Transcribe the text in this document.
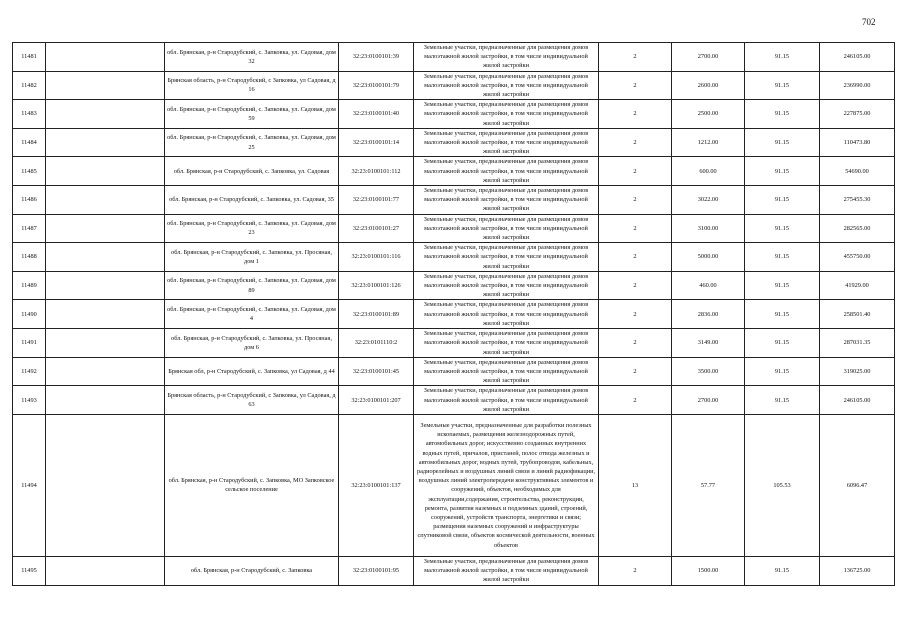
702
11481		обл. Брянская, р-н Стародубский, с. Запковка, ул. Садовая, дом 32	32:23:0100101:39	Земельные участки, предназначенные для размещения домов малоэтажной жилой застройки, в том числе индивидуальной жилой застройки	2	2700.00	91.15	246105.00
11482		Брянская область, р-н Стародубский, с Запковка, ул Садовая, д 16	32:23:0100101:79	Земельные участки, предназначенные для размещения домов малоэтажной жилой застройки, в том числе индивидуальной жилой застройки	2	2600.00	91.15	236990.00
11483		обл. Брянская, р-н Стародубский, с. Запковка, ул. Садовая, дом 59	32:23:0100101:40	Земельные участки, предназначенные для размещения домов малоэтажной жилой застройки, в том числе индивидуальной жилой застройки	2	2500.00	91.15	227875.00
11484		обл. Брянская, р-н Стародубский, с. Запковка, ул. Садовая, дом 25	32:23:0100101:14	Земельные участки, предназначенные для размещения домов малоэтажной жилой застройки, в том числе индивидуальной жилой застройки	2	1212.00	91.15	110473.80
11485		обл. Брянская, р-н Стародубский, с. Запковка, ул. Садовая	32:23:0100101:112	Земельные участки, предназначенные для размещения домов малоэтажной жилой застройки, в том числе индивидуальной жилой застройки	2	600.00	91.15	54690.00
11486		обл. Брянская, р-н Стародубский, с. Запковка, ул. Садовая, 35	32:23:0100101:77	Земельные участки, предназначенные для размещения домов малоэтажной жилой застройки, в том числе индивидуальной жилой застройки	2	3022.00	91.15	275455.30
11487		обл. Брянская, р-н Стародубский, с. Запковка, ул. Садовая, дом 23	32:23:0100101:27	Земельные участки, предназначенные для размещения домов малоэтажной жилой застройки, в том числе индивидуальной жилой застройки	2	3100.00	91.15	282565.00
11488		обл. Брянская, р-н Стародубский, с. Запковка, ул. Просяная, дом 1	32:23:0100101:116	Земельные участки, предназначенные для размещения домов малоэтажной жилой застройки, в том числе индивидуальной жилой застройки	2	5000.00	91.15	455750.00
11489		обл. Брянская, р-н Стародубский, с. Запковка, ул. Садовая, дом 89	32:23:0100101:126	Земельные участки, предназначенные для размещения домов малоэтажной жилой застройки, в том числе индивидуальной жилой застройки	2	460.00	91.15	41929.00
11490		обл. Брянская, р-н Стародубский, с. Запковка, ул. Садовая, дом 4	32:23:0100101:89	Земельные участки, предназначенные для размещения домов малоэтажной жилой застройки, в том числе индивидуальной жилой застройки	2	2836.00	91.15	258501.40
11491		обл. Брянская, р-н Стародубский, с. Запковка, ул. Просяная, дом 6	32:23:0101110:2	Земельные участки, предназначенные для размещения домов малоэтажной жилой застройки, в том числе индивидуальной жилой застройки	2	3149.00	91.15	287031.35
11492		Брянская обл, р-н Стародубский, с. Запковка, ул Садовая, д 44	32:23:0100101:45	Земельные участки, предназначенные для размещения домов малоэтажной жилой застройки, в том числе индивидуальной жилой застройки	2	3500.00	91.15	319025.00
11493		Брянская область, р-н Стародубский, с Запковка, ул Садовая, д 63	32:23:0100101:207	Земельные участки, предназначенные для размещения домов малоэтажной жилой застройки, в том числе индивидуальной жилой застройки	2	2700.00	91.15	246105.00
11494		обл. Брянская, р-н Стародубский, с. Запковка, МО Запковское сельское поселение	32:23:0100101:137	Земельные участки, предназначенные для разработки полезных ископаемых, размещения железнодорожных путей, автомобильных дорог, искусственно созданных внутренних водных путей, причалов, пристаней, полос отвода железных и автомобильных дорог, водных путей, трубопроводов, кабельных, радиорелейных и воздушных линий связи и линий радиофикации, воздушных линий электропередачи конструктивных элементов и сооружений, объектов, необходимых для эксплуатации,содержания, строительства, реконструкции, ремонта, развития наземных и подземных зданий, строений, сооружений, устройств транспорта, энергетики и связи; размещения наземных сооружений и инфраструктуры спутниковой связи, объектов космической деятельности, военных объектов	13	57.77	105.53	6096.47
11495		обл. Брянская, р-н Стародубский, с. Запковка	32:23:0100101:95	Земельные участки, предназначенные для размещения домов малоэтажной жилой застройки, в том числе индивидуальной жилой застройки	2	1500.00	91.15	136725.00
